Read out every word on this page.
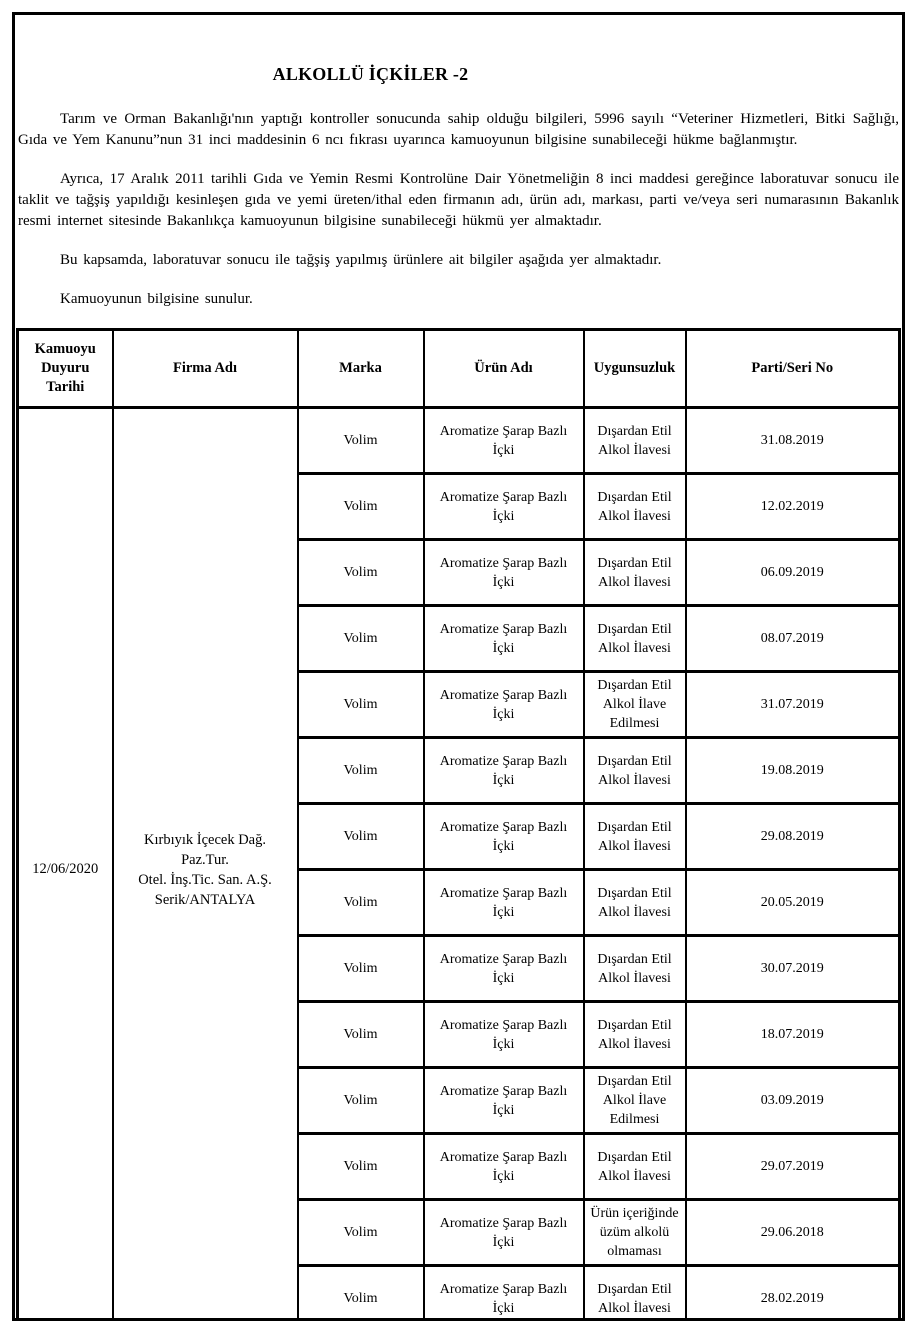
ALKOLLÜ İÇKİLER -2

Tarım ve Orman Bakanlığı'nın yaptığı kontroller sonucunda sahip olduğu bilgileri, 5996 sayılı “Veteriner Hizmetleri, Bitki Sağlığı, Gıda ve Yem Kanunu”nun 31 inci maddesinin 6 ncı fıkrası uyarınca kamuoyunun bilgisine sunabileceği hükme bağlanmıştır.

Ayrıca, 17 Aralık 2011 tarihli Gıda ve Yemin Resmi Kontrolüne Dair Yönetmeliğin 8 inci maddesi gereğince laboratuvar sonucu ile taklit ve tağşiş yapıldığı kesinleşen gıda ve yemi üreten/ithal eden firmanın adı, ürün adı, markası, parti ve/veya seri numarasının Bakanlık resmi internet sitesinde Bakanlıkça kamuoyunun bilgisine sunabileceği hükmü yer almaktadır.

Bu kapsamda, laboratuvar sonucu ile tağşiş yapılmış ürünlere ait bilgiler aşağıda yer almaktadır.

Kamuoyunun bilgisine sunulur.

Kamuoyu Duyuru Tarihi	Firma Adı	Marka	Ürün Adı	Uygunsuzluk	Parti/Seri No
12/06/2020	Kırbıyık İçecek Dağ. Paz.Tur.
Otel. İnş.Tic. San. A.Ş.
Serik/ANTALYA	Volim	Aromatize Şarap Bazlı İçki	Dışardan Etil Alkol İlavesi	31.08.2019
		Volim	Aromatize Şarap Bazlı İçki	Dışardan Etil Alkol İlavesi	12.02.2019
		Volim	Aromatize Şarap Bazlı İçki	Dışardan Etil Alkol İlavesi	06.09.2019
		Volim	Aromatize Şarap Bazlı İçki	Dışardan Etil Alkol İlavesi	08.07.2019
		Volim	Aromatize Şarap Bazlı İçki	Dışardan Etil Alkol İlave Edilmesi	31.07.2019
		Volim	Aromatize Şarap Bazlı İçki	Dışardan Etil Alkol İlavesi	19.08.2019
		Volim	Aromatize Şarap Bazlı İçki	Dışardan Etil Alkol İlavesi	29.08.2019
		Volim	Aromatize Şarap Bazlı İçki	Dışardan Etil Alkol İlavesi	20.05.2019
		Volim	Aromatize Şarap Bazlı İçki	Dışardan Etil Alkol İlavesi	30.07.2019
		Volim	Aromatize Şarap Bazlı İçki	Dışardan Etil Alkol İlavesi	18.07.2019
		Volim	Aromatize Şarap Bazlı İçki	Dışardan Etil Alkol İlave Edilmesi	03.09.2019
		Volim	Aromatize Şarap Bazlı İçki	Dışardan Etil Alkol İlavesi	29.07.2019
		Volim	Aromatize Şarap Bazlı İçki	Ürün içeriğinde üzüm alkolü olmaması	29.06.2018
		Volim	Aromatize Şarap Bazlı İçki	Dışardan Etil Alkol İlavesi	28.02.2019
